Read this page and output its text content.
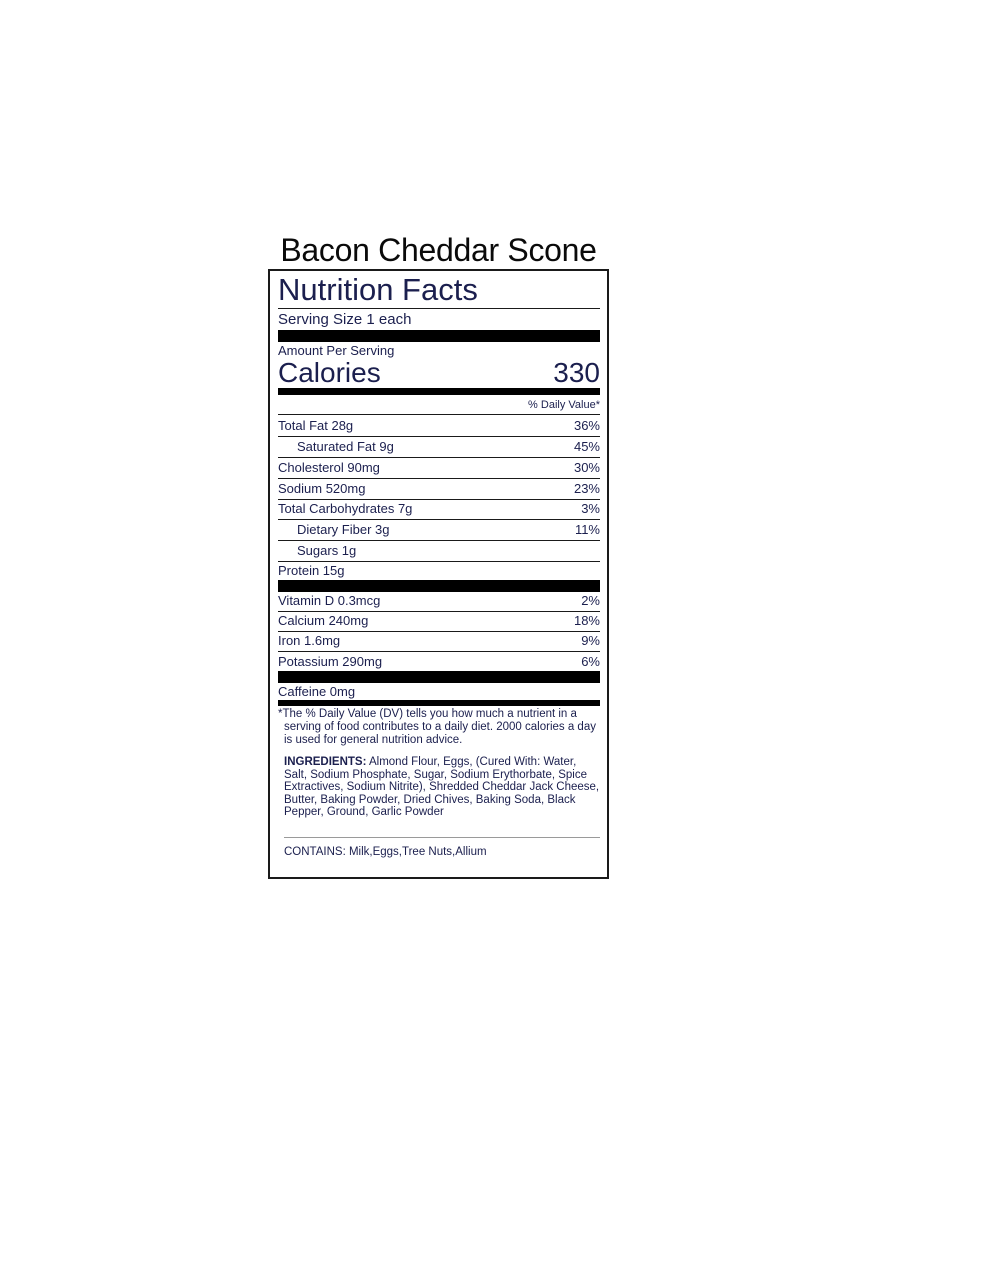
Bacon Cheddar Scone
Nutrition Facts
Serving Size 1 each
Amount Per Serving
Calories	330
% Daily Value*
Total Fat 28g	36%
Saturated Fat 9g	45%
Cholesterol 90mg	30%
Sodium 520mg	23%
Total Carbohydrates 7g	3%
Dietary Fiber 3g	11%
Sugars 1g
Protein 15g
Vitamin D 0.3mcg	2%
Calcium 240mg	18%
Iron 1.6mg	9%
Potassium 290mg	6%
Caffeine 0mg
*The % Daily Value (DV) tells you how much a nutrient in a serving of food contributes to a daily diet. 2000 calories a day is used for general nutrition advice.
INGREDIENTS: Almond Flour, Eggs, (Cured With: Water, Salt, Sodium Phosphate, Sugar, Sodium Erythorbate, Spice Extractives, Sodium Nitrite), Shredded Cheddar Jack Cheese, Butter, Baking Powder, Dried Chives, Baking Soda, Black Pepper, Ground, Garlic Powder
CONTAINS: Milk,Eggs,Tree Nuts,Allium
